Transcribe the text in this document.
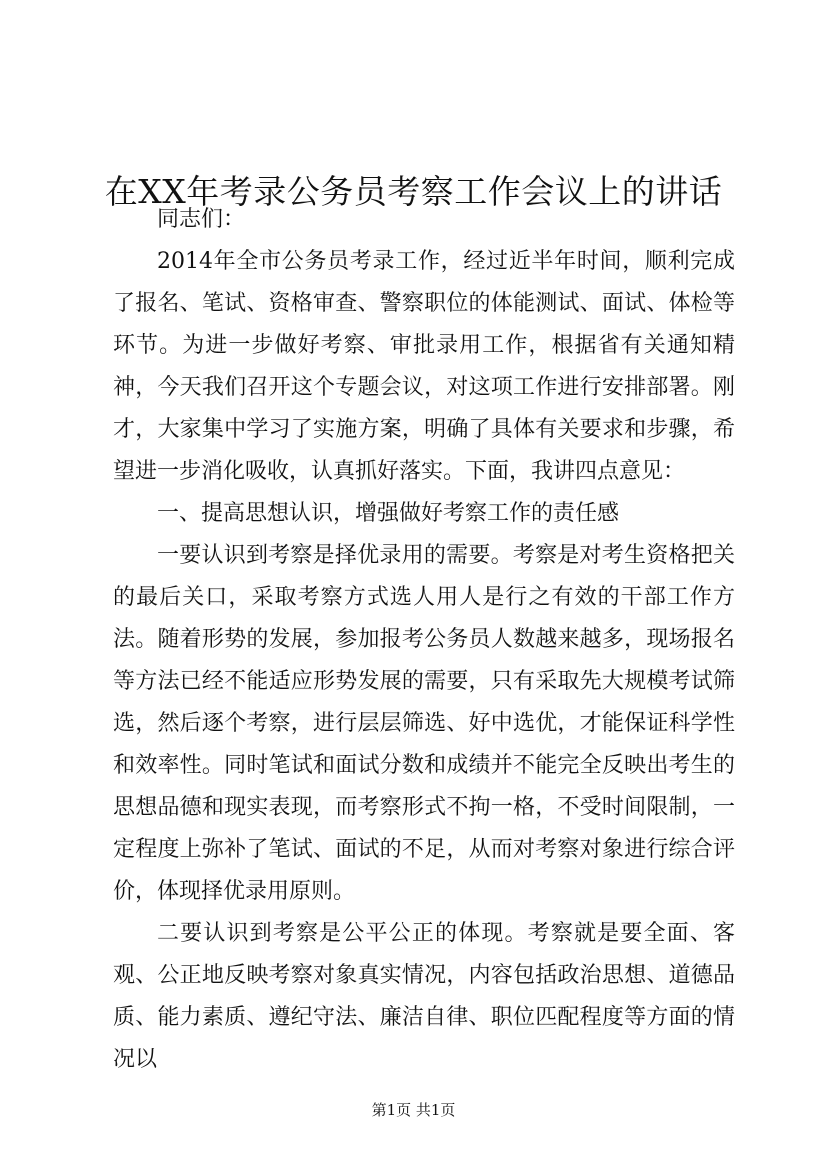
在XX年考录公务员考察工作会议上的讲话

同志们：

2014年全市公务员考录工作，经过近半年时间，顺利完成了报名、笔试、资格审查、警察职位的体能测试、面试、体检等环节。为进一步做好考察、审批录用工作，根据省有关通知精神，今天我们召开这个专题会议，对这项工作进行安排部署。刚才，大家集中学习了实施方案，明确了具体有关要求和步骤，希望进一步消化吸收，认真抓好落实。下面，我讲四点意见：

一、提高思想认识，增强做好考察工作的责任感

一要认识到考察是择优录用的需要。考察是对考生资格把关的最后关口，采取考察方式选人用人是行之有效的干部工作方法。随着形势的发展，参加报考公务员人数越来越多，现场报名等方法已经不能适应形势发展的需要，只有采取先大规模考试筛选，然后逐个考察，进行层层筛选、好中选优，才能保证科学性和效率性。同时笔试和面试分数和成绩并不能完全反映出考生的思想品德和现实表现，而考察形式不拘一格，不受时间限制，一定程度上弥补了笔试、面试的不足，从而对考察对象进行综合评价，体现择优录用原则。

二要认识到考察是公平公正的体现。考察就是要全面、客观、公正地反映考察对象真实情况，内容包括政治思想、道德品质、能力素质、遵纪守法、廉洁自律、职位匹配程度等方面的情况以

第1页 共1页
